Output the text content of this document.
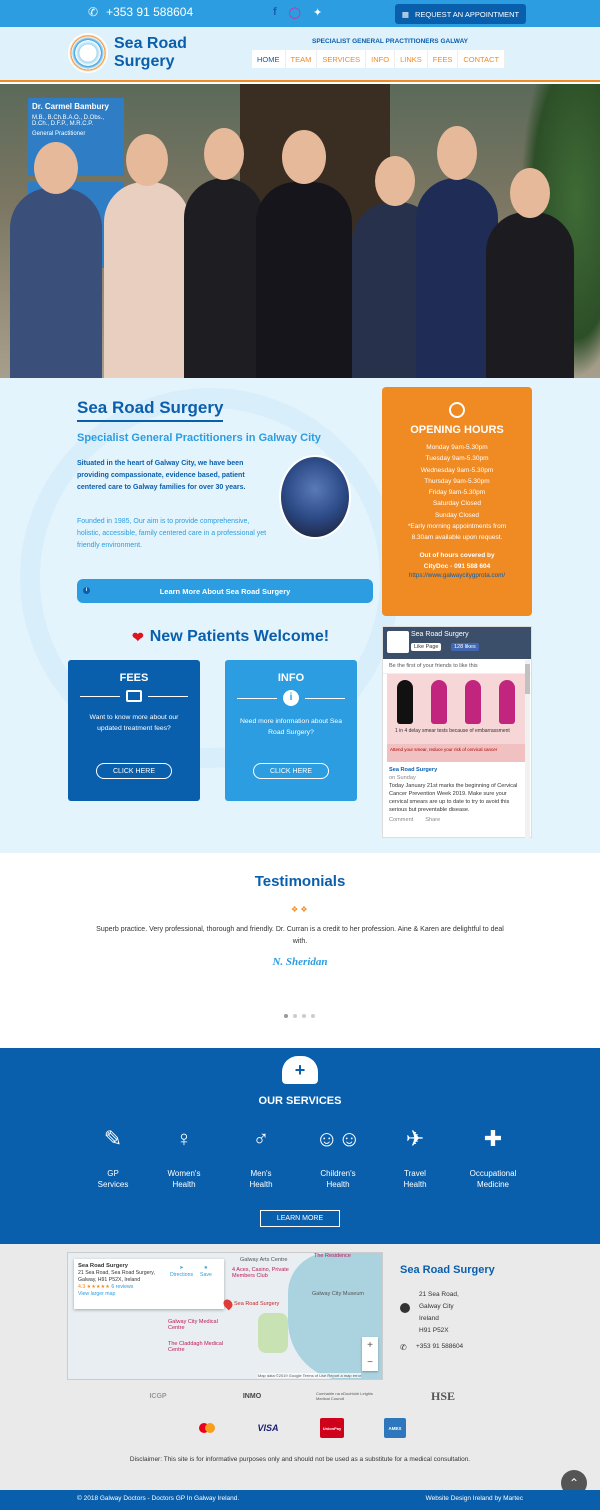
✆ +353 91 588604	f ◯ ✦	▦ REQUEST AN APPOINTMENT
Sea Road
Surgery
SPECIALIST GENERAL PRACTITIONERS GALWAY
HOME	TEAM	SERVICES	INFO	LINKS	FEES	CONTACT
Dr. Carmel Bambury
M.B., B.Ch.B.A.O., D.Obs., D.Ch., D.F.P., M.R.C.P.
General Practitioner
Sea Road Surgery
Specialist General Practitioners in Galway City
Situated in the heart of Galway City, we have been providing compassionate, evidence based, patient centered care to Galway families for over 30 years.
Founded in 1985, Our aim is to provide comprehensive, holistic, accessible, family centered care in a professional yet friendly environment.
i	Learn More About Sea Road Surgery
OPENING HOURS
Monday 9am-5.30pm
Tuesday 9am-5.30pm
Wednesday 9am-5.30pm
Thursday 9am-5.30pm
Friday 9am-5.30pm
Saturday Closed
Sunday Closed
*Early morning appointments from
8.30am available upon request.
Out of hours covered by
CityDoc - 091 588 604
https://www.galwaycitygprota.com/
❤ New Patients Welcome!
FEES

Want to know more about our updated treatment fees?

CLICK HERE
INFO
i

Need more information about Sea Road Surgery?

CLICK HERE
Sea Road Surgery
Like Page	128 likes
Be the first of your friends to like this
1 in 4 delay smear tests because of embarrassment
Attend your smear, reduce your risk of cervical cancer
Sea Road Surgery
on Sunday
Today January 21st marks the beginning of Cervical Cancer Prevention Week 2019. Make sure your cervical smears are up to date to try to avoid this serious but preventable disease.
Comment Share
Testimonials
❖ ❖
Superb practice. Very professional, thorough and friendly. Dr. Curran is a credit to her profession. Aine & Karen are delightful to deal with.
N. Sheridan
+
OUR SERVICES
✎
GP
Services
♀
Women's
Health
♂
Men's
Health
☺☺
Children's
Health
✈
Travel
Health
✚
Occupational
Medicine
LEARN MORE
Sea Road Surgery
21 Sea Road, Sea Road Surgery, Galway, H91 P52X, Ireland
4.3 ★★★★★ 6 reviews
View larger map
➤
Directions
★
Save
Sea Road Surgery
Galway Arts Centre
The Residence
4 Aces, Casino, Private Members Club
Galway City Museum
Galway City Medical Centre
The Claddagh Medical Centre	+
−
Map data ©2019 Google Terms of Use Report a map error
Sea Road Surgery
21 Sea Road,
Galway City
Ireland
H91 P52X
✆ +353 91 588604
ICGP	INMO	Comhairle na nDochtúirí Leighis Medical Council	HSE
VISA	UnionPay	AMEX
Disclaimer: This site is for informative purposes only and should not be used as a substitute for a medical consultation.
⌃
© 2018 Galway Doctors - Doctors GP In Galway Ireland.	Website Design Ireland by Martec
